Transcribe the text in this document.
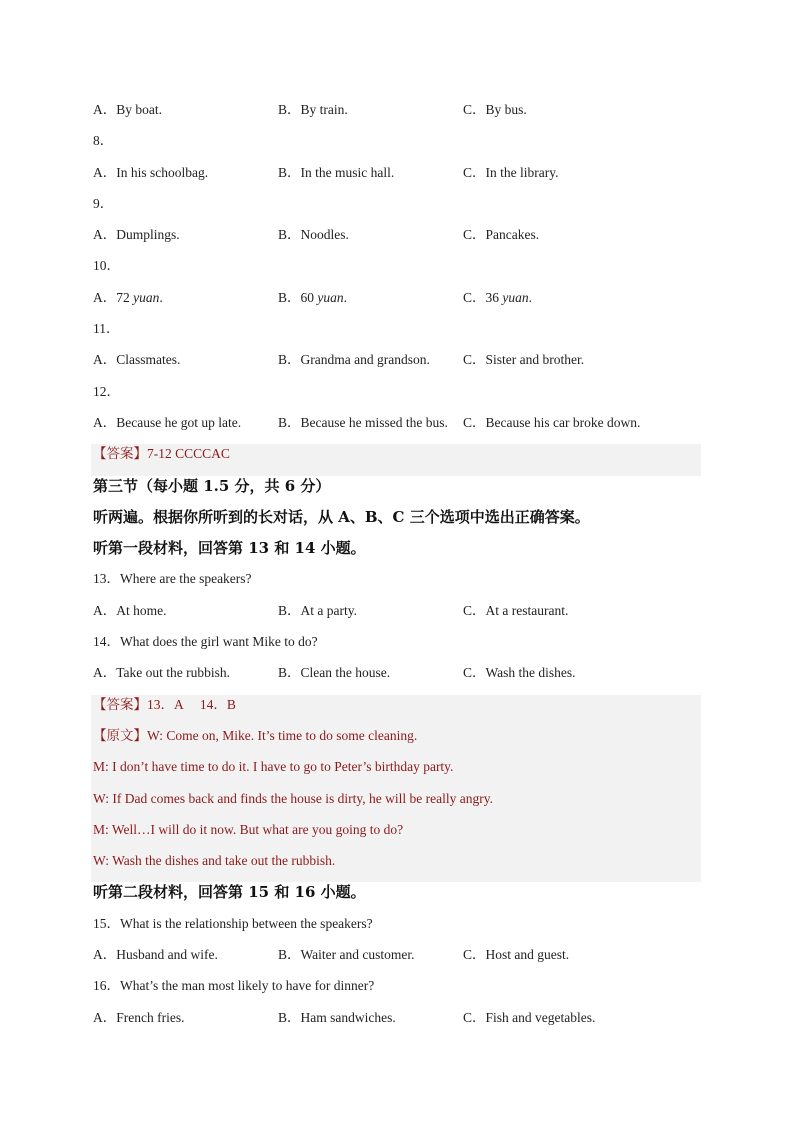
A．By boat.	B．By train.	C．By bus.
8．
A．In his schoolbag.	B．In the music hall.	C．In the library.
9．
A．Dumplings.	B．Noodles.	C．Pancakes.
10．
A．72 yuan.	B．60 yuan.	C．36 yuan.
11．
A．Classmates.	B．Grandma and grandson.	C．Sister and brother.
12．
A．Because he got up late.	B．Because he missed the bus.	C．Because his car broke down.
【答案】7-12 CCCCAC
第三节（每小题 1.5 分，共 6 分）
听两遍。根据你所听到的长对话，从 A、B、C 三个选项中选出正确答案。
听第一段材料，回答第 13 和 14 小题。
13．Where are the speakers?
A．At home.	B．At a party.	C．At a restaurant.
14．What does the girl want Mike to do?
A．Take out the rubbish.	B．Clean the house.	C．Wash the dishes.
【答案】13．A　 14．B
【原文】W: Come on, Mike. It’s time to do some cleaning.
M: I don’t have time to do it. I have to go to Peter’s birthday party.
W: If Dad comes back and finds the house is dirty, he will be really angry.
M: Well…I will do it now. But what are you going to do?
W: Wash the dishes and take out the rubbish.
听第二段材料，回答第 15 和 16 小题。
15．What is the relationship between the speakers?
A．Husband and wife.	B．Waiter and customer.	C．Host and guest.
16．What’s the man most likely to have for dinner?
A．French fries.	B．Ham sandwiches.	C．Fish and vegetables.
